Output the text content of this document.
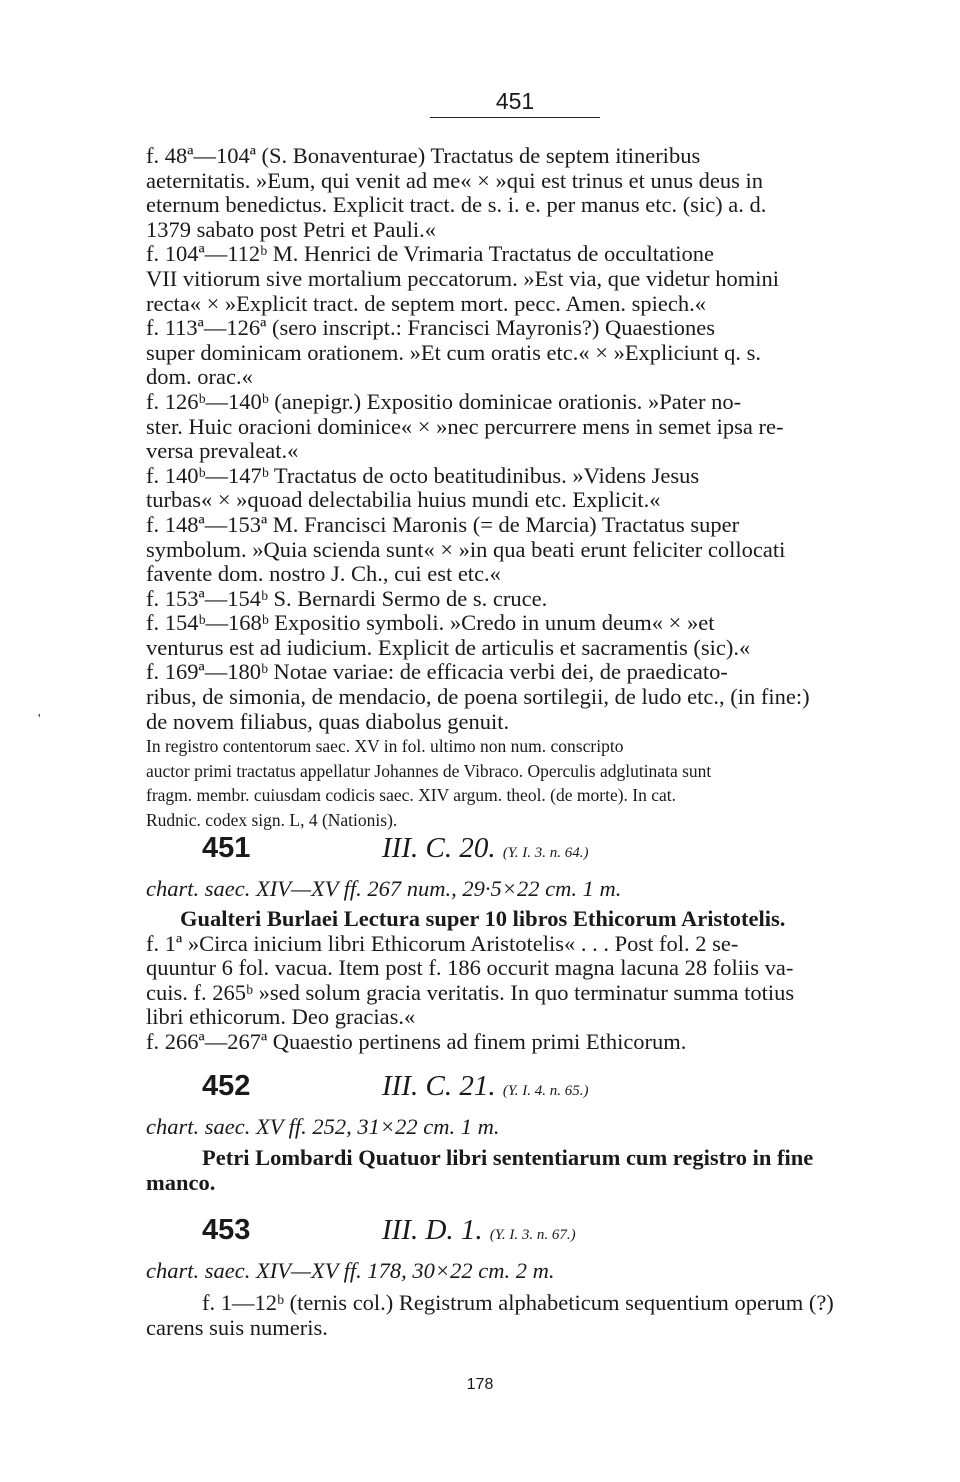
451

f. 48ª—104ª (S. Bonaventurae) Tractatus de septem itineribus
aeternitatis. »Eum, qui venit ad me« × »qui est trinus et unus deus in
eternum benedictus. Explicit tract. de s. i. e. per manus etc. (sic) a. d.
1379 sabato post Petri et Pauli.«
f. 104ª—112ᵇ M. Henrici de Vrimaria Tractatus de occultatione
VII vitiorum sive mortalium peccatorum. »Est via, que videtur homini
recta« × »Explicit tract. de septem mort. pecc. Amen. spiech.«
f. 113ª—126ª (sero inscript.: Francisci Mayronis?) Quaestiones
super dominicam orationem. »Et cum oratis etc.« × »Expliciunt q. s.
dom. orac.«
f. 126ᵇ—140ᵇ (anepigr.) Expositio dominicae orationis. »Pater no-
ster. Huic oracioni dominice« × »nec percurrere mens in semet ipsa re-
versa prevaleat.«
f. 140ᵇ—147ᵇ Tractatus de octo beatitudinibus. »Videns Jesus
turbas« × »quoad delectabilia huius mundi etc. Explicit.«
f. 148ª—153ª M. Francisci Maronis (= de Marcia) Tractatus super
symbolum. »Quia scienda sunt« × »in qua beati erunt feliciter collocati
favente dom. nostro J. Ch., cui est etc.«
f. 153ª—154ᵇ S. Bernardi Sermo de s. cruce.
f. 154ᵇ—168ᵇ Expositio symboli. »Credo in unum deum« × »et
venturus est ad iudicium. Explicit de articulis et sacramentis (sic).«
f. 169ª—180ᵇ Notae variae: de efficacia verbi dei, de praedicato-
ribus, de simonia, de mendacio, de poena sortilegii, de ludo etc., (in fine:)
de novem filiabus, quas diabolus genuit.

In registro contentorum saec. XV in fol. ultimo non num. conscripto
auctor primi tractatus appellatur Johannes de Vibraco. Operculis adglutinata sunt
fragm. membr. cuiusdam codicis saec. XIV argum. theol. (de morte). In cat.
Rudnic. codex sign. L, 4 (Nationis).

'
451	III. C. 20. (Y. I. 3. n. 64.)
chart. saec. XIV—XV ff. 267 num., 29·5×22 cm. 1 m.

Gualteri Burlaei Lectura super 10 libros Ethicorum Aristotelis.

f. 1ª »Circa inicium libri Ethicorum Aristotelis« . . . Post fol. 2 se-
quuntur 6 fol. vacua. Item post f. 186 occurit magna lacuna 28 foliis va-
cuis. f. 265ᵇ »sed solum gracia veritatis. In quo terminatur summa totius
libri ethicorum. Deo gracias.«
f. 266ª—267ª Quaestio pertinens ad finem primi Ethicorum.

452	III. C. 21. (Y. I. 4. n. 65.)
chart. saec. XV ff. 252, 31×22 cm. 1 m.

Petri Lombardi Quatuor libri sententiarum cum registro in fine

manco.

453	III. D. 1. (Y. I. 3. n. 67.)
chart. saec. XIV—XV ff. 178, 30×22 cm. 2 m.

f. 1—12ᵇ (ternis col.) Registrum alphabeticum sequentium operum (?)
carens suis numeris.

178
